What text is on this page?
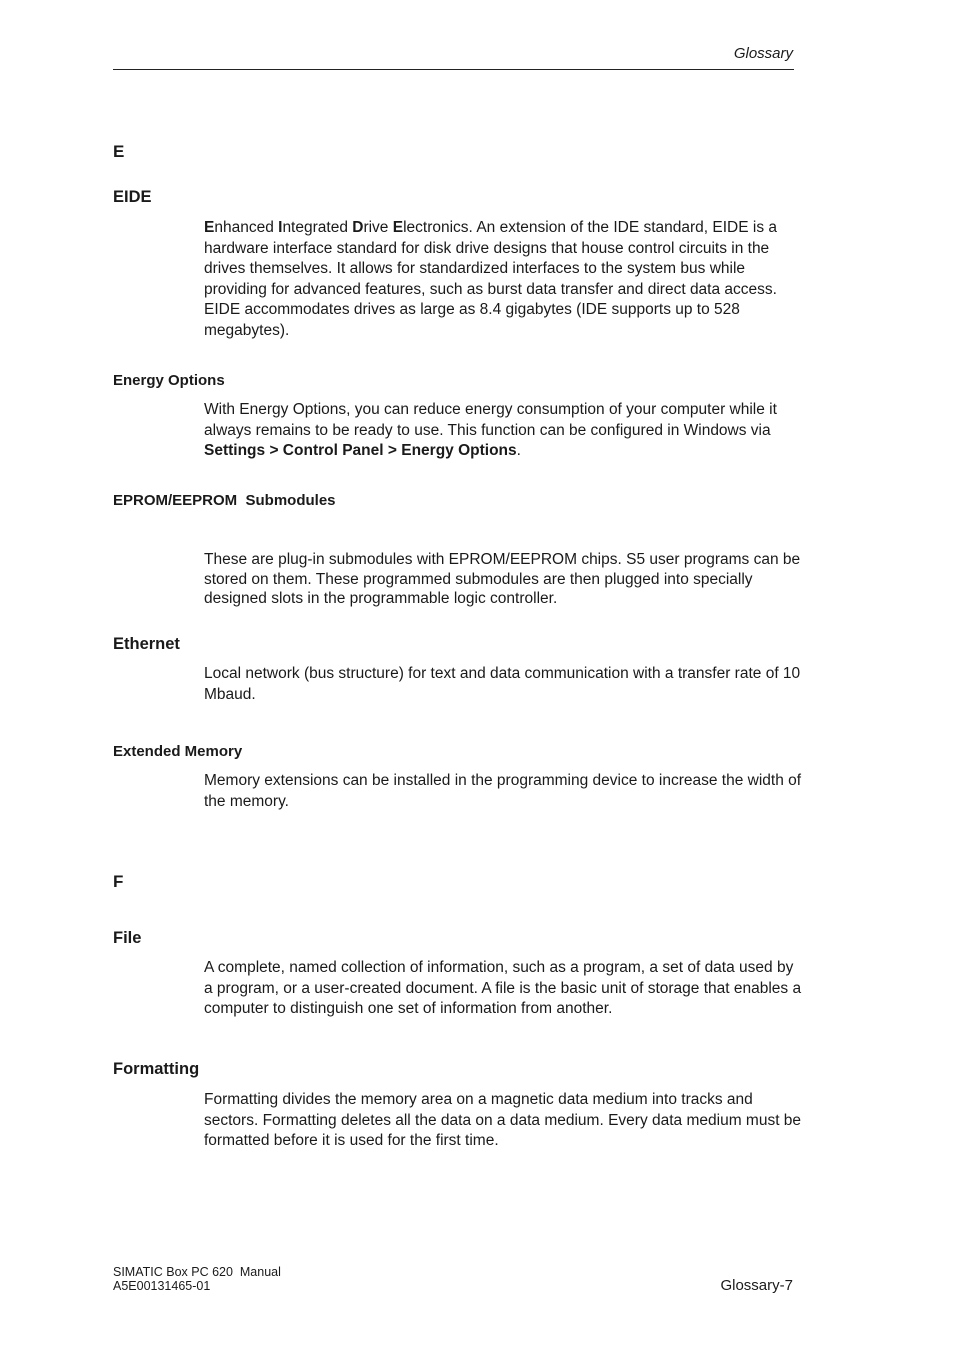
Glossary
E
EIDE
Enhanced Integrated Drive Electronics. An extension of the IDE standard, EIDE is a hardware interface standard for disk drive designs that house control circuits in the drives themselves. It allows for standardized interfaces to the system bus while providing for advanced features, such as burst data transfer and direct data access. EIDE accommodates drives as large as 8.4 gigabytes (IDE supports up to 528 megabytes).
Energy Options
With Energy Options, you can reduce energy consumption of your computer while it always remains to be ready to use. This function can be configured in Windows via Settings > Control Panel > Energy Options.
EPROM/EEPROM  Submodules
These are plug-in submodules with EPROM/EEPROM chips. S5 user programs can be stored on them. These programmed submodules are then plugged into specially designed slots in the programmable logic controller.
Ethernet
Local network (bus structure) for text and data communication with a transfer rate of 10 Mbaud.
Extended Memory
Memory extensions can be installed in the programming device to increase the width of the memory.
F
File
A complete, named collection of information, such as a program, a set of data used by a program, or a user-created document. A file is the basic unit of storage that enables a computer to distinguish one set of information from another.
Formatting
Formatting divides the memory area on a magnetic data medium into tracks and sectors. Formatting deletes all the data on a data medium. Every data medium must be formatted before it is used for the first time.
SIMATIC Box PC 620  Manual
A5E00131465-01	Glossary-7
